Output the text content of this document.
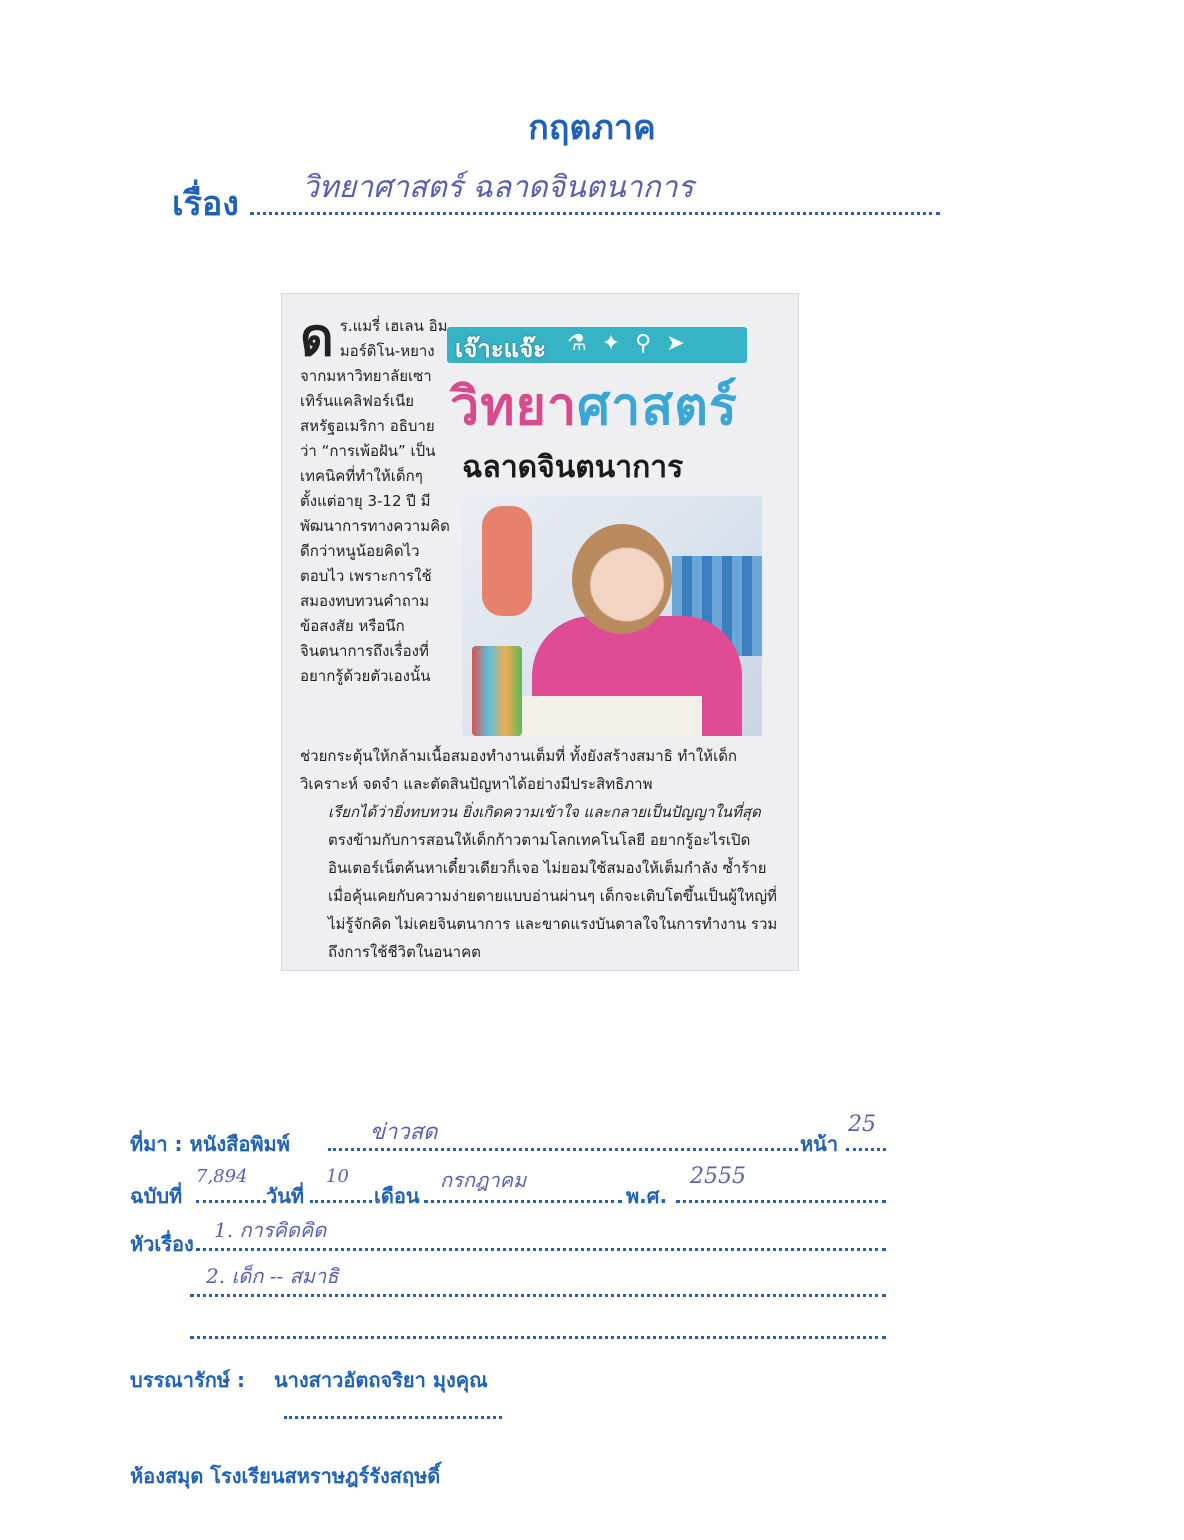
กฤตภาค
เรื่อง วิทยาศาสตร์ ฉลาดจินตนาการ
เจ๊าะแจ๊ะ ⚗ ✦ ⚲ ➤
วิทยาศาสตร์
ฉลาดจินตนาการ
ดร.แมรี่ เฮเลน อิมมอร์ดิโน-หยาง จากมหาวิทยาลัยเซาเทิร์นแคลิฟอร์เนีย สหรัฐอเมริกา อธิบายว่า “การเพ้อฝัน” เป็นเทคนิคที่ทำให้เด็กๆ ตั้งแต่อายุ 3-12 ปี มีพัฒนาการทางความคิดดีกว่าหนูน้อยคิดไว ตอบไว เพราะการใช้สมองทบทวนคำถาม ข้อสงสัย หรือนึกจินตนาการถึงเรื่องที่อยากรู้ด้วยตัวเองนั้น

ช่วยกระตุ้นให้กล้ามเนื้อสมองทำงานเต็มที่ ทั้งยังสร้างสมาธิ ทำให้เด็กวิเคราะห์ จดจำ และตัดสินปัญหาได้อย่างมีประสิทธิภาพ

เรียกได้ว่ายิ่งทบทวน ยิ่งเกิดความเข้าใจ และกลายเป็นปัญญาในที่สุด

ตรงข้ามกับการสอนให้เด็กก้าวตามโลกเทคโนโลยี อยากรู้อะไรเปิดอินเตอร์เน็ตค้นหาเดี๋ยวเดียวก็เจอ ไม่ยอมใช้สมองให้เต็มกำลัง ซ้ำร้ายเมื่อคุ้นเคยกับความง่ายดายแบบอ่านผ่านๆ เด็กจะเติบโตขึ้นเป็นผู้ใหญ่ที่ไม่รู้จักคิด ไม่เคยจินตนาการ และขาดแรงบันดาลใจในการทำงาน รวมถึงการใช้ชีวิตในอนาคต

ที่มา : หนังสือพิมพ์	ข่าวสด	หน้า
25
ฉบับที่
7,894
วันที่
10
เดือน
กรกฎาคม
พ.ศ.
2555
หัวเรื่อง
1. การคิดคิด
2. เด็ก -- สมาธิ
บรรณารักษ์ : นางสาวอัตถจริยา มุงคุณ
ห้องสมุด โรงเรียนสหราษฎร์รังสฤษดิ์
